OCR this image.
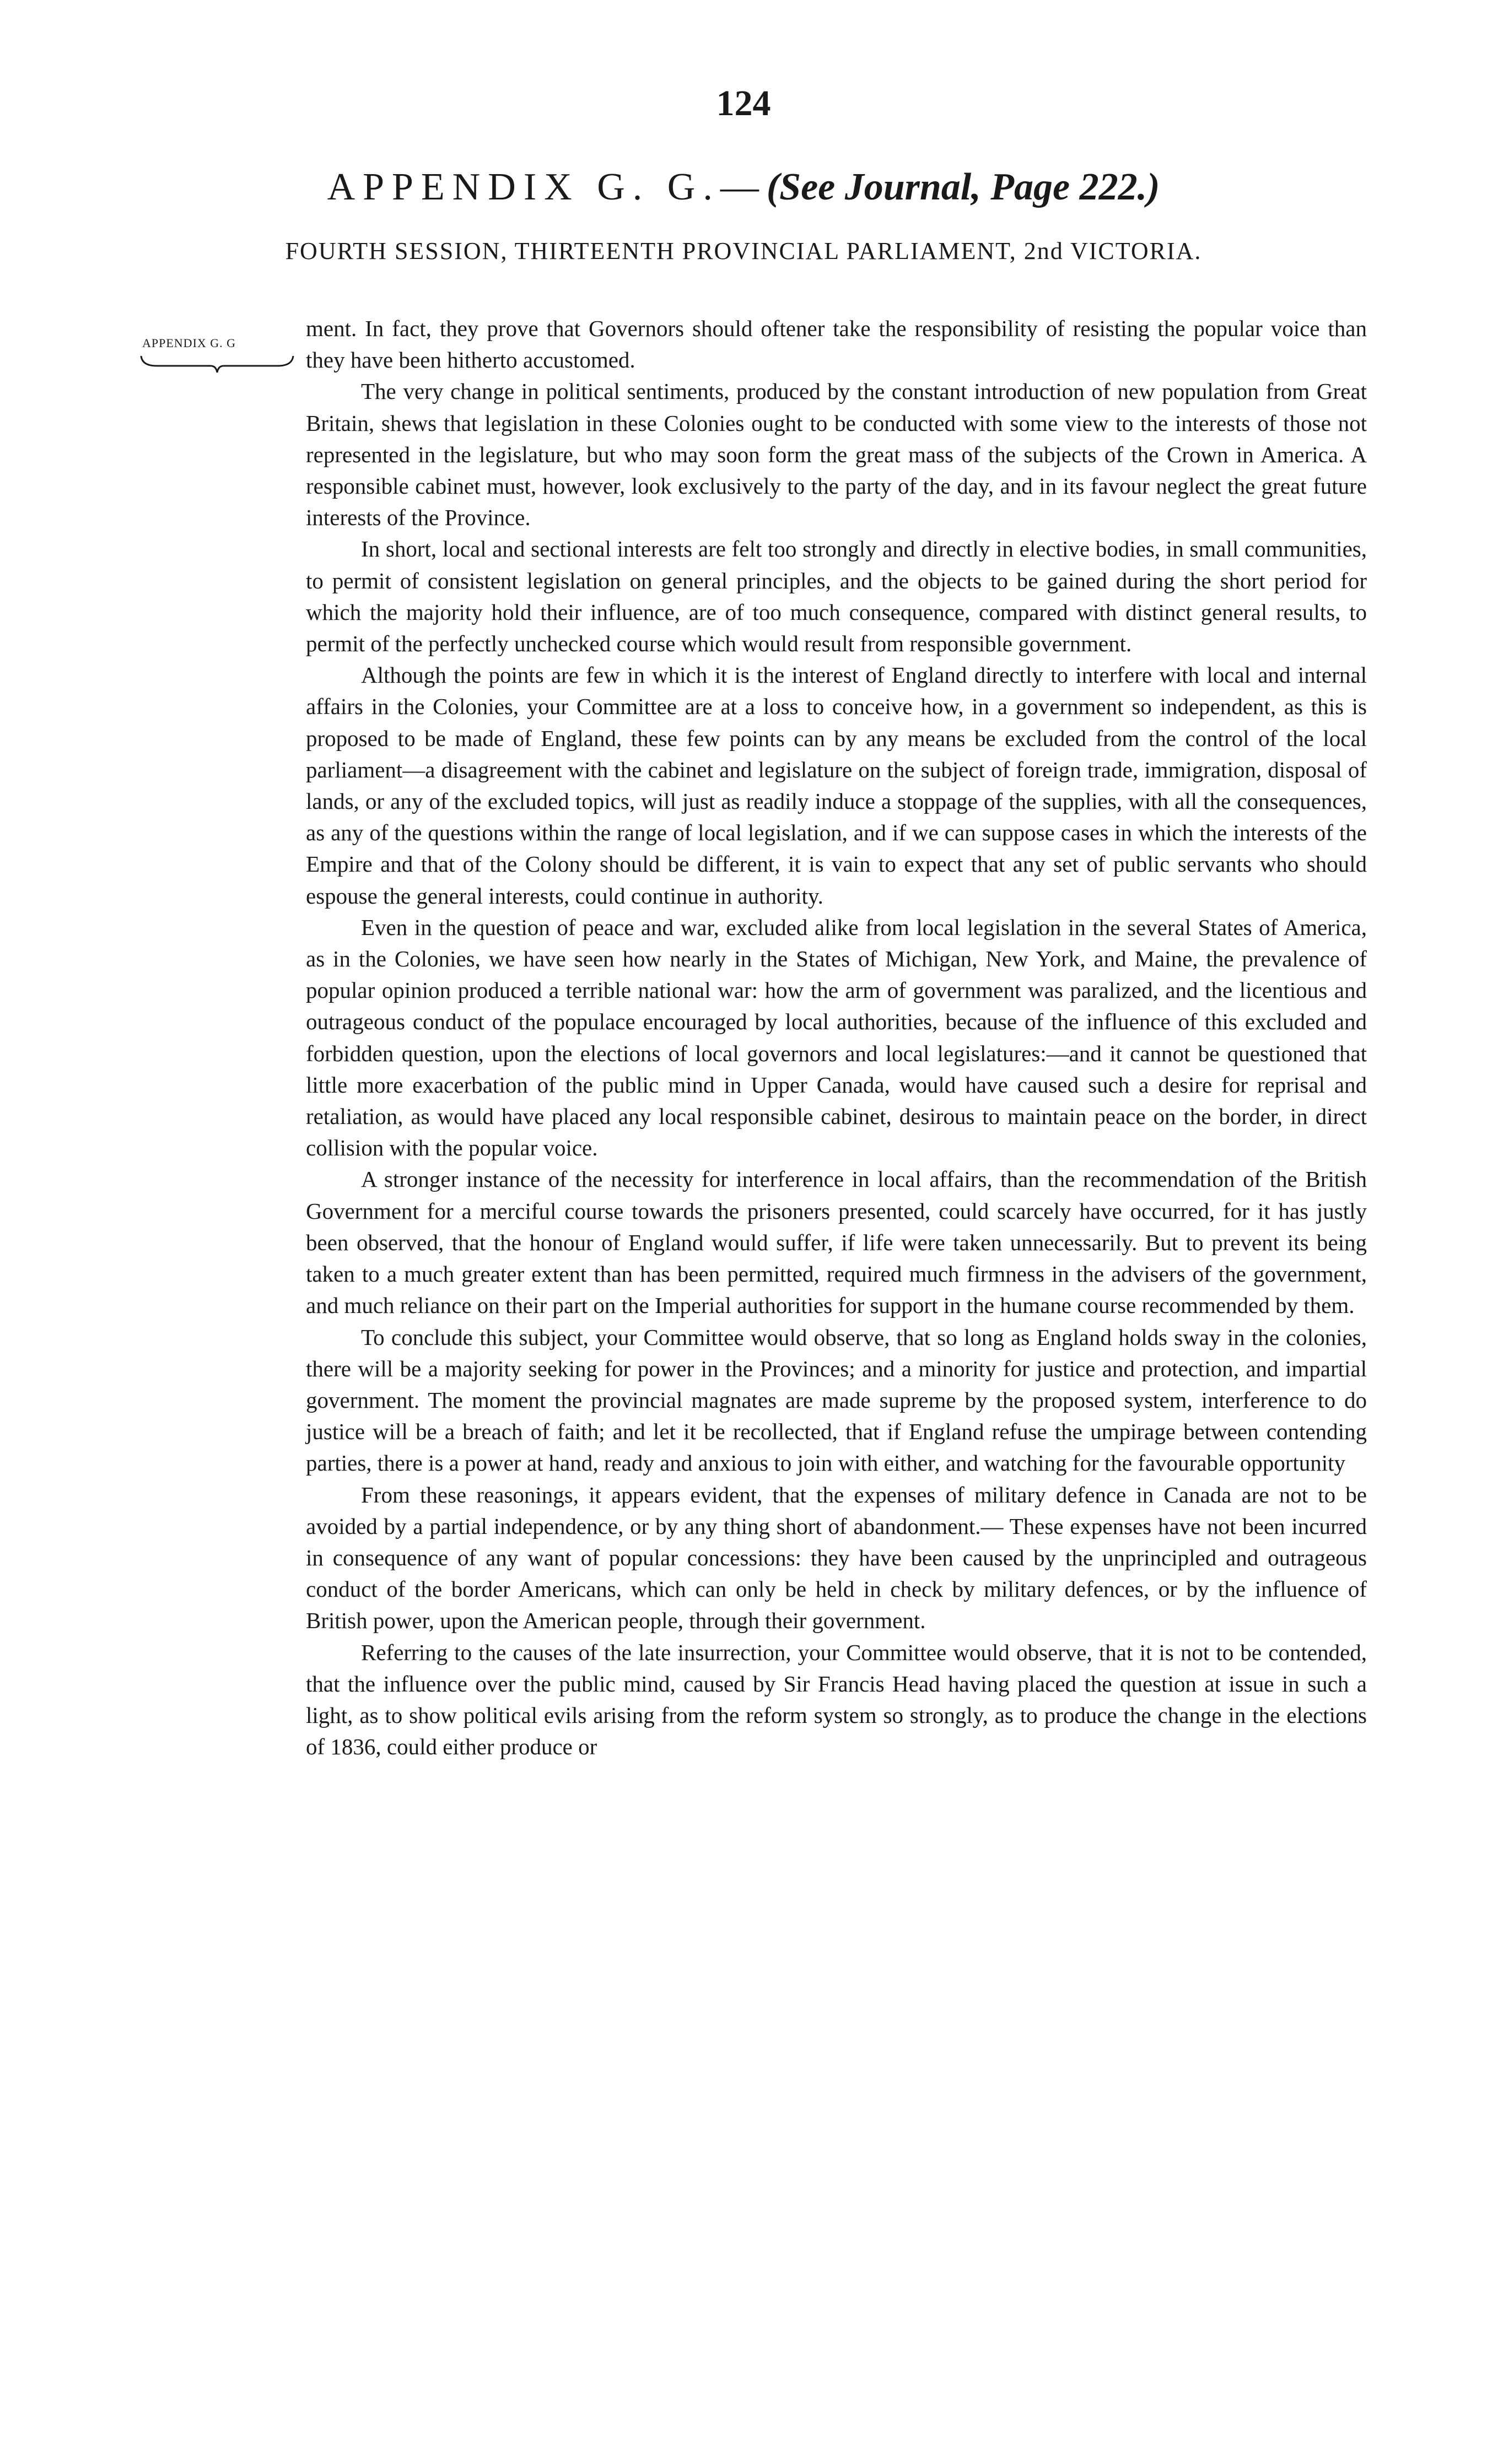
124
APPENDIX G. G.—(See Journal, Page 222.)
FOURTH SESSION, THIRTEENTH PROVINCIAL PARLIAMENT, 2nd VICTORIA.
APPENDIX G. G

ment. In fact, they prove that Governors should oftener take the responsibility of resisting the popular voice than they have been hitherto accustomed.

The very change in political sentiments, produced by the constant introduction of new population from Great Britain, shews that legislation in these Colonies ought to be conducted with some view to the interests of those not represented in the legislature, but who may soon form the great mass of the subjects of the Crown in America. A responsible cabinet must, however, look exclusively to the party of the day, and in its favour neglect the great future interests of the Province.

In short, local and sectional interests are felt too strongly and directly in elective bodies, in small communities, to permit of consistent legislation on general principles, and the objects to be gained during the short period for which the majority hold their influence, are of too much consequence, compared with distinct general results, to permit of the perfectly unchecked course which would result from responsible government.

Although the points are few in which it is the interest of England directly to interfere with local and internal affairs in the Colonies, your Committee are at a loss to conceive how, in a government so independent, as this is proposed to be made of England, these few points can by any means be excluded from the control of the local parliament—a disagreement with the cabinet and legislature on the subject of foreign trade, immigration, disposal of lands, or any of the excluded topics, will just as readily induce a stoppage of the supplies, with all the consequences, as any of the questions within the range of local legislation, and if we can suppose cases in which the interests of the Empire and that of the Colony should be different, it is vain to expect that any set of public servants who should espouse the general interests, could continue in authority.

Even in the question of peace and war, excluded alike from local legislation in the several States of America, as in the Colonies, we have seen how nearly in the States of Michigan, New York, and Maine, the prevalence of popular opinion produced a terrible national war: how the arm of government was paralized, and the licentious and outrageous conduct of the populace encouraged by local authorities, because of the influence of this excluded and forbidden question, upon the elections of local governors and local legislatures:—and it cannot be questioned that little more exacerbation of the public mind in Upper Canada, would have caused such a desire for reprisal and retaliation, as would have placed any local responsible cabinet, desirous to maintain peace on the border, in direct collision with the popular voice.

A stronger instance of the necessity for interference in local affairs, than the recommendation of the British Government for a merciful course towards the prisoners presented, could scarcely have occurred, for it has justly been observed, that the honour of England would suffer, if life were taken unnecessarily. But to prevent its being taken to a much greater extent than has been permitted, required much firmness in the advisers of the government, and much reliance on their part on the Imperial authorities for support in the humane course recommended by them.

To conclude this subject, your Committee would observe, that so long as England holds sway in the colonies, there will be a majority seeking for power in the Provinces; and a minority for justice and protection, and impartial government. The moment the provincial magnates are made supreme by the proposed system, interference to do justice will be a breach of faith; and let it be recollected, that if England refuse the umpirage between contending parties, there is a power at hand, ready and anxious to join with either, and watching for the favourable opportunity

From these reasonings, it appears evident, that the expenses of military defence in Canada are not to be avoided by a partial independence, or by any thing short of abandonment.— These expenses have not been incurred in consequence of any want of popular concessions: they have been caused by the unprincipled and outrageous conduct of the border Americans, which can only be held in check by military defences, or by the influence of British power, upon the American people, through their government.

Referring to the causes of the late insurrection, your Committee would observe, that it is not to be contended, that the influence over the public mind, caused by Sir Francis Head having placed the question at issue in such a light, as to show political evils arising from the reform system so strongly, as to produce the change in the elections of 1836, could either produce or
